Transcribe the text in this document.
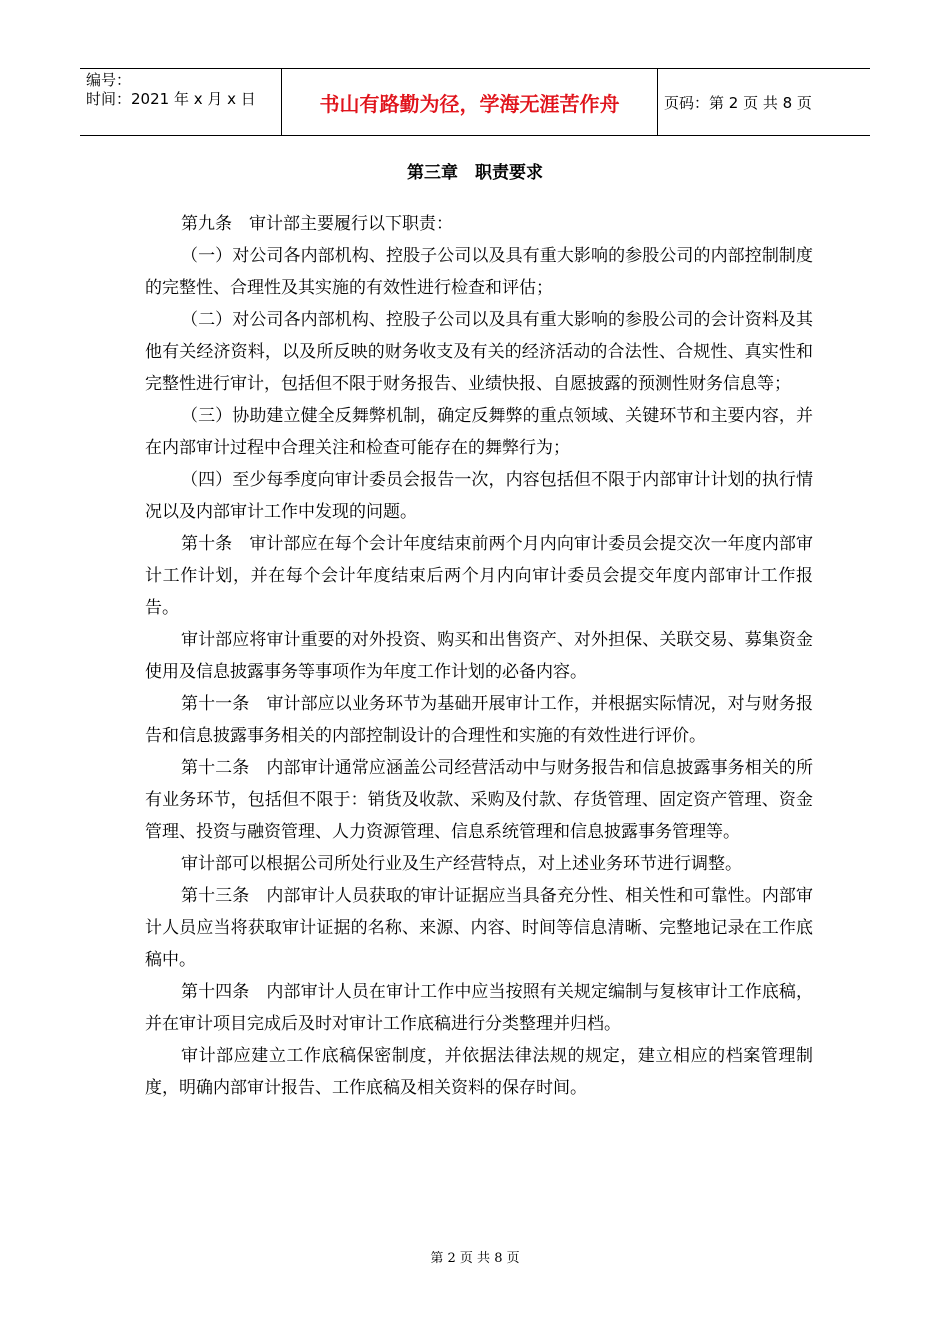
编号：
时间：2021 年 x 月 x 日	书山有路勤为径，学海无涯苦作舟	页码：第 2 页 共 8 页
第三章　职责要求

第九条　审计部主要履行以下职责：

（一）对公司各内部机构、控股子公司以及具有重大影响的参股公司的内部控制制度的完整性、合理性及其实施的有效性进行检查和评估；

（二）对公司各内部机构、控股子公司以及具有重大影响的参股公司的会计资料及其他有关经济资料，以及所反映的财务收支及有关的经济活动的合法性、合规性、真实性和完整性进行审计，包括但不限于财务报告、业绩快报、自愿披露的预测性财务信息等；

（三）协助建立健全反舞弊机制，确定反舞弊的重点领域、关键环节和主要内容，并在内部审计过程中合理关注和检查可能存在的舞弊行为；

（四）至少每季度向审计委员会报告一次，内容包括但不限于内部审计计划的执行情况以及内部审计工作中发现的问题。

第十条　审计部应在每个会计年度结束前两个月内向审计委员会提交次一年度内部审计工作计划，并在每个会计年度结束后两个月内向审计委员会提交年度内部审计工作报告。

审计部应将审计重要的对外投资、购买和出售资产、对外担保、关联交易、募集资金使用及信息披露事务等事项作为年度工作计划的必备内容。

第十一条　审计部应以业务环节为基础开展审计工作，并根据实际情况，对与财务报告和信息披露事务相关的内部控制设计的合理性和实施的有效性进行评价。

第十二条　内部审计通常应涵盖公司经营活动中与财务报告和信息披露事务相关的所有业务环节，包括但不限于：销货及收款、采购及付款、存货管理、固定资产管理、资金管理、投资与融资管理、人力资源管理、信息系统管理和信息披露事务管理等。

审计部可以根据公司所处行业及生产经营特点，对上述业务环节进行调整。

第十三条　内部审计人员获取的审计证据应当具备充分性、相关性和可靠性。内部审计人员应当将获取审计证据的名称、来源、内容、时间等信息清晰、完整地记录在工作底稿中。

第十四条　内部审计人员在审计工作中应当按照有关规定编制与复核审计工作底稿，并在审计项目完成后及时对审计工作底稿进行分类整理并归档。

审计部应建立工作底稿保密制度，并依据法律法规的规定，建立相应的档案管理制度，明确内部审计报告、工作底稿及相关资料的保存时间。

第 2 页 共 8 页
